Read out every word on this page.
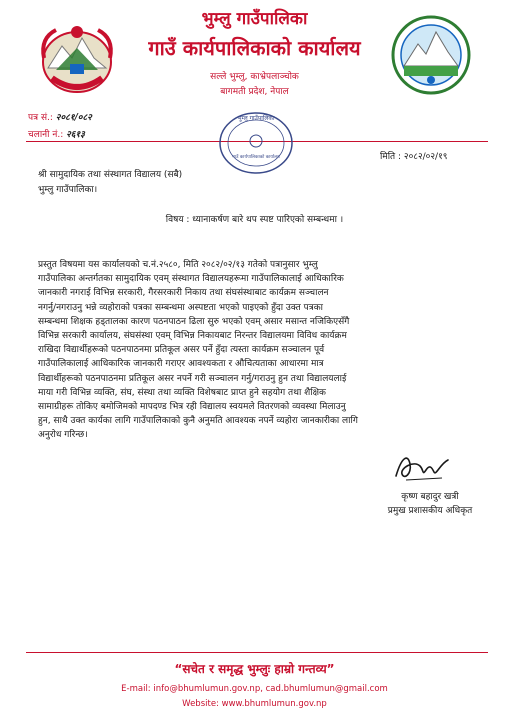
भुम्लु गाउँपालिका
गाउँ कार्यपालिकाको कार्यालय
सल्ले भुम्लु, काभ्रेपलाञ्चोक
बागमती प्रदेश, नेपाल
पत्र सं.: २०८१/०८२
चलानी नं.: २६१३
भुम्लु गाउँपालिका
गाउँ कार्यपालिकाको कार्यालय	मिति : २०८२/०२/१९
श्री सामुदायिक तथा संस्थागत विद्यालय (सबै)
भुम्लु गाउँपालिका।
विषय : ध्यानाकर्षण बारे थप स्पष्ट पारिएको सम्बन्धमा ।
प्रस्तुत विषयमा यस कार्यालयको च.नं.२५८०, मिति २०८२/०२/१३ गतेको पत्रानुसार भुम्लु
गाउँपालिका अन्तर्गतका सामुदायिक एवम् संस्थागत विद्यालयहरूमा गाउँपालिकालाई आधिकारिक
जानकारी नगराई विभिन्न सरकारी, गैरसरकारी निकाय तथा संघसंस्थाबाट कार्यक्रम सञ्चालन
नगर्नु/नगराउनु भन्ने व्यहोराको पत्रका सम्बन्धमा अस्पष्टता भएको पाइएको हुँदा उक्त पत्रका
सम्बन्धमा शिक्षक हड्तालका कारण पठनपाठन ढिला सुरु भएको एवम् असार मसान्त नजिकिएसँगै
विभिन्न सरकारी कार्यालय, संघसंस्था एवम् विभिन्न निकायबाट निरन्तर विद्यालयमा विविध कार्यक्रम
राखिदा विद्यार्थीहरूको पठनपाठनमा प्रतिकूल असर पर्ने हुँदा त्यस्ता कार्यक्रम सञ्चालन पूर्व
गाउँपालिकालाई आधिकारिक जानकारी गराएर आवश्यकता र औचित्यताका आधारमा मात्र
विद्यार्थीहरूको पठनपाठनमा प्रतिकूल असर नपर्ने गरी सञ्चालन गर्नु/गराउनु हुन तथा विद्यालयलाई
माया गरी विभिन्न व्यक्ति, संघ, संस्था तथा व्यक्ति विशेषबाट प्राप्त हुने सहयोग तथा शैक्षिक
सामाग्रीहरू तोकिए बमोजिमको मापदण्ड भित्र रही विद्यालय स्वयमले वितरणको व्यवस्था मिलाउनु
हुन, साथै उक्त कार्यका लागि गाउँपालिकाको कुनै अनुमति आवश्यक नपर्ने व्यहोरा जानकारीका लागि
अनुरोध गरिन्छ।
कृष्ण बहादुर खत्री
प्रमुख प्रशासकीय अधिकृत
“सचेत र समृद्ध भुम्लुः हाम्रो गन्तव्य”
E-mail: info@bhumlumun.gov.np, cad.bhumlumun@gmail.com
Website: www.bhumlumun.gov.np
